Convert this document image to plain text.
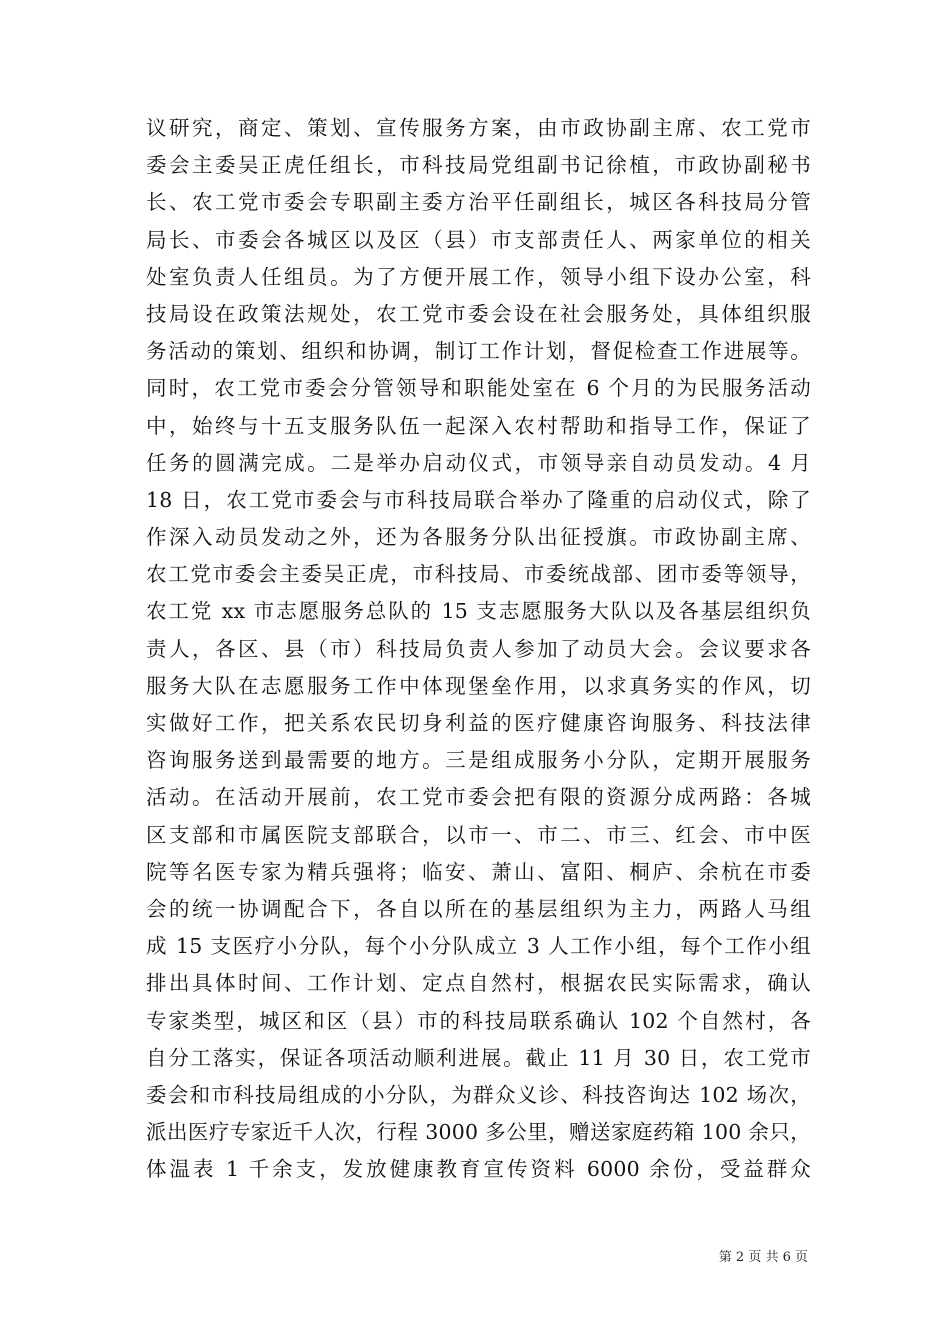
议研究，商定、策划、宣传服务方案，由市政协副主席、农工党市
委会主委吴正虎任组长，市科技局党组副书记徐植，市政协副秘书
长、农工党市委会专职副主委方治平任副组长，城区各科技局分管
局长、市委会各城区以及区（县）市支部责任人、两家单位的相关
处室负责人任组员。为了方便开展工作，领导小组下设办公室，科
技局设在政策法规处，农工党市委会设在社会服务处，具体组织服
务活动的策划、组织和协调，制订工作计划，督促检查工作进展等。
同时，农工党市委会分管领导和职能处室在 6 个月的为民服务活动
中，始终与十五支服务队伍一起深入农村帮助和指导工作，保证了
任务的圆满完成。二是举办启动仪式，市领导亲自动员发动。4 月
18 日，农工党市委会与市科技局联合举办了隆重的启动仪式，除了
作深入动员发动之外，还为各服务分队出征授旗。市政协副主席、
农工党市委会主委吴正虎，市科技局、市委统战部、团市委等领导，
农工党 xx 市志愿服务总队的 15 支志愿服务大队以及各基层组织负
责人，各区、县（市）科技局负责人参加了动员大会。会议要求各
服务大队在志愿服务工作中体现堡垒作用，以求真务实的作风，切
实做好工作，把关系农民切身利益的医疗健康咨询服务、科技法律
咨询服务送到最需要的地方。三是组成服务小分队，定期开展服务
活动。在活动开展前，农工党市委会把有限的资源分成两路：各城
区支部和市属医院支部联合，以市一、市二、市三、红会、市中医
院等名医专家为精兵强将；临安、萧山、富阳、桐庐、余杭在市委
会的统一协调配合下，各自以所在的基层组织为主力，两路人马组
成 15 支医疗小分队，每个小分队成立 3 人工作小组，每个工作小组
排出具体时间、工作计划、定点自然村，根据农民实际需求，确认
专家类型，城区和区（县）市的科技局联系确认 102 个自然村，各
自分工落实，保证各项活动顺利进展。截止 11 月 30 日，农工党市
委会和市科技局组成的小分队，为群众义诊、科技咨询达 102 场次，
派出医疗专家近千人次，行程 3000 多公里，赠送家庭药箱 100 余只，
体温表 1 千余支，发放健康教育宣传资料 6000 余份，受益群众
第 2 页 共 6 页
